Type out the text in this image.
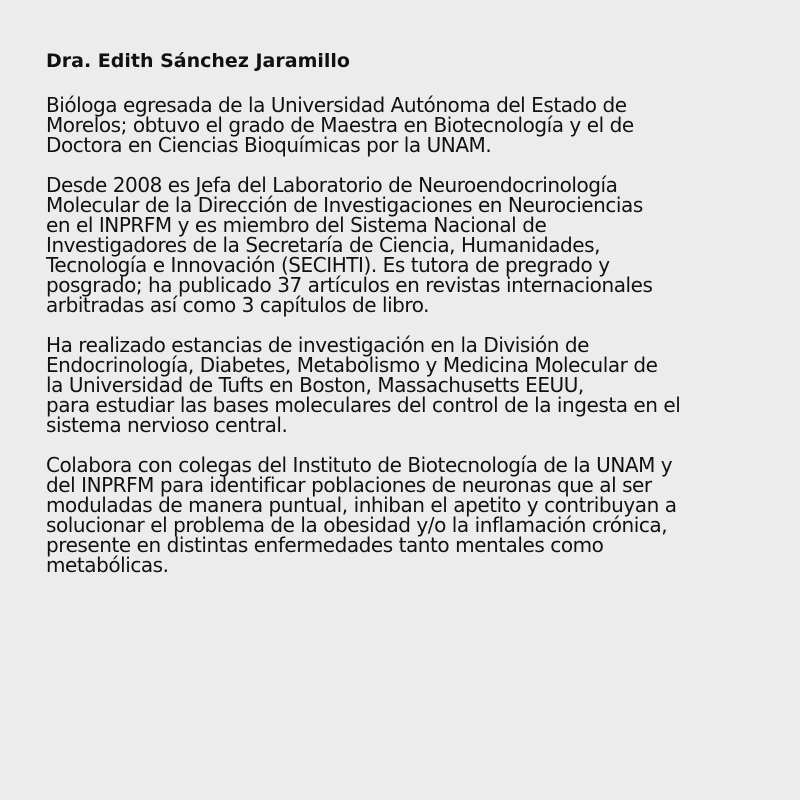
Dra. Edith Sánchez Jaramillo
Bióloga egresada de la Universidad Autónoma del Estado de
Morelos; obtuvo el grado de Maestra en Biotecnología y el de
Doctora en Ciencias Bioquímicas por la UNAM.
Desde 2008 es Jefa del Laboratorio de Neuroendocrinología
Molecular de la Dirección de Investigaciones en Neurociencias
en el INPRFM y es miembro del Sistema Nacional de
Investigadores de la Secretaría de Ciencia, Humanidades,
Tecnología e Innovación (SECIHTI). Es tutora de pregrado y
posgrado; ha publicado 37 artículos en revistas internacionales
arbitradas así como 3 capítulos de libro.
Ha realizado estancias de investigación en la División de
Endocrinología, Diabetes, Metabolismo y Medicina Molecular de
la Universidad de Tufts en Boston, Massachusetts EEUU,
para estudiar las bases moleculares del control de la ingesta en el
sistema nervioso central.
Colabora con colegas del Instituto de Biotecnología de la UNAM y
del INPRFM para identificar poblaciones de neuronas que al ser
moduladas de manera puntual, inhiban el apetito y contribuyan a
solucionar el problema de la obesidad y/o la inflamación crónica,
presente en distintas enfermedades tanto mentales como
metabólicas.
